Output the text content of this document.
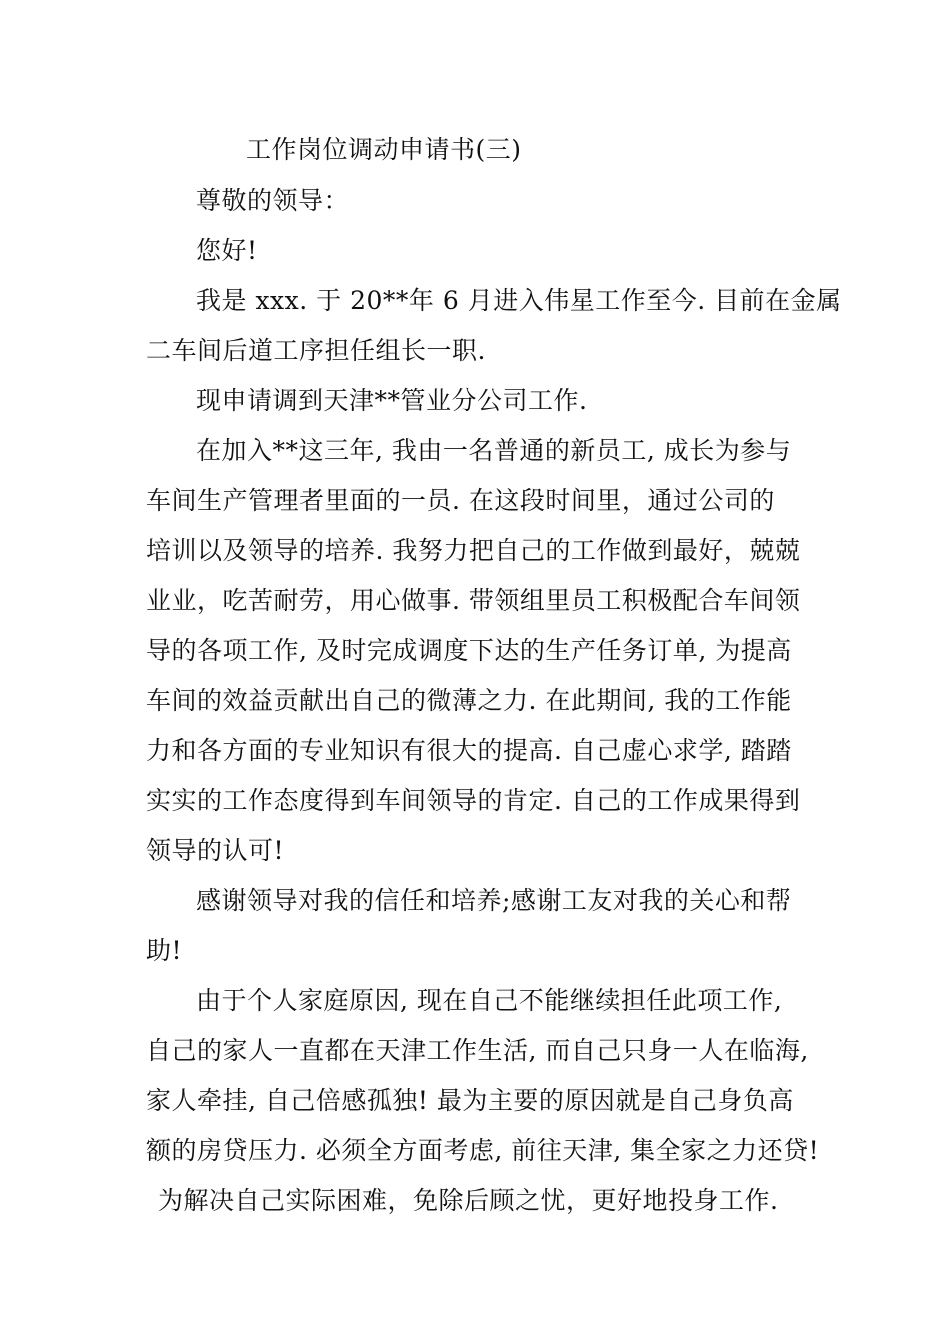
工作岗位调动申请书(三)
尊敬的领导：
您好!
我是 xxx. 于 20**年 6 月进入伟星工作至今. 目前在金属
二车间后道工序担任组长一职.
现申请调到天津**管业分公司工作.
在加入**这三年, 我由一名普通的新员工, 成长为参与
车间生产管理者里面的一员. 在这段时间里，通过公司的
培训以及领导的培养. 我努力把自己的工作做到最好，兢兢
业业，吃苦耐劳，用心做事. 带领组里员工积极配合车间领
导的各项工作, 及时完成调度下达的生产任务订单, 为提高
车间的效益贡献出自己的微薄之力. 在此期间, 我的工作能
力和各方面的专业知识有很大的提高. 自己虚心求学, 踏踏
实实的工作态度得到车间领导的肯定. 自己的工作成果得到
领导的认可!
感谢领导对我的信任和培养;感谢工友对我的关心和帮
助!
由于个人家庭原因, 现在自己不能继续担任此项工作,
自己的家人一直都在天津工作生活, 而自己只身一人在临海,
家人牵挂, 自己倍感孤独! 最为主要的原因就是自己身负高
额的房贷压力. 必须全方面考虑, 前往天津, 集全家之力还贷!
为解决自己实际困难，免除后顾之忧，更好地投身工作.
